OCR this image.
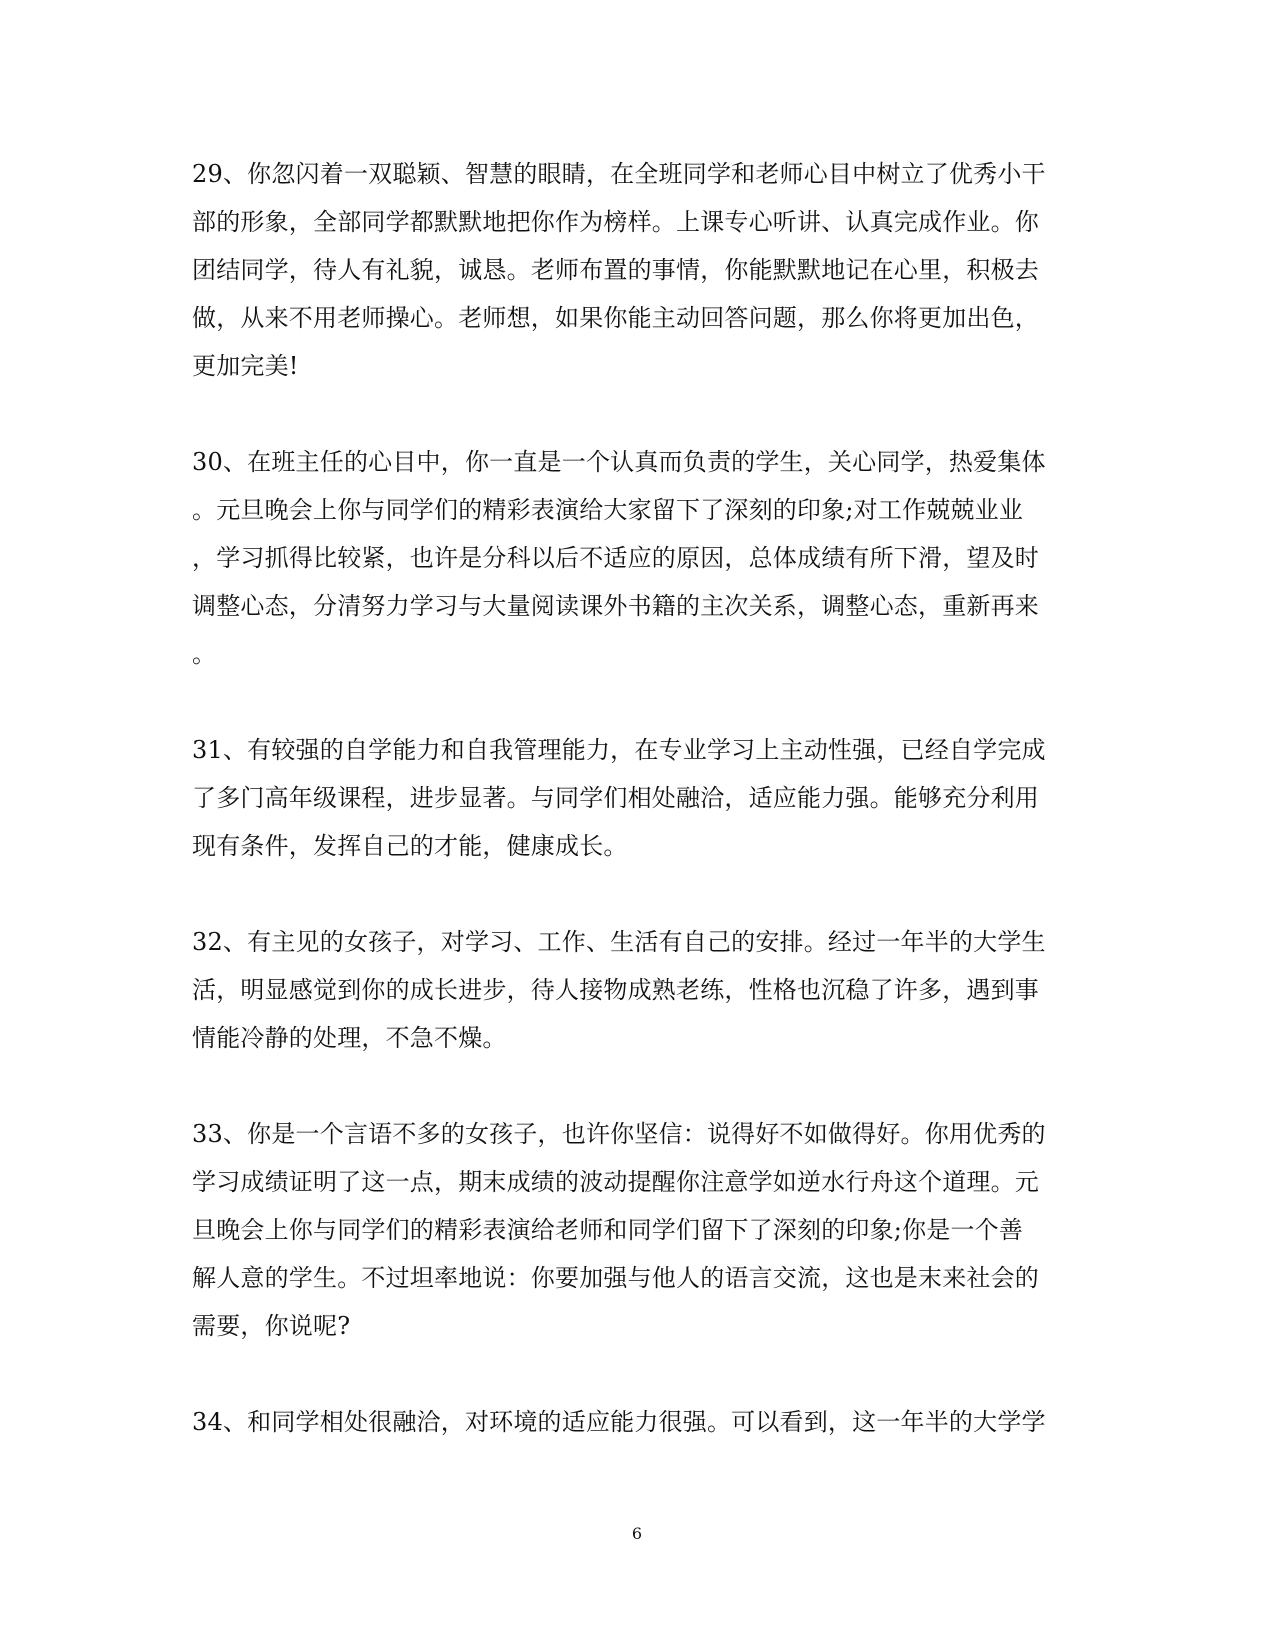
29、你忽闪着一双聪颖、智慧的眼睛，在全班同学和老师心目中树立了优秀小干
部的形象，全部同学都默默地把你作为榜样。上课专心听讲、认真完成作业。你
团结同学，待人有礼貌，诚恳。老师布置的事情，你能默默地记在心里，积极去
做，从来不用老师操心。老师想，如果你能主动回答问题，那么你将更加出色，
更加完美!
30、在班主任的心目中，你一直是一个认真而负责的学生，关心同学，热爱集体
。元旦晚会上你与同学们的精彩表演给大家留下了深刻的印象;对工作兢兢业业
，学习抓得比较紧，也许是分科以后不适应的原因，总体成绩有所下滑，望及时
调整心态，分清努力学习与大量阅读课外书籍的主次关系，调整心态，重新再来
。
31、有较强的自学能力和自我管理能力，在专业学习上主动性强，已经自学完成
了多门高年级课程，进步显著。与同学们相处融洽，适应能力强。能够充分利用
现有条件，发挥自己的才能，健康成长。
32、有主见的女孩子，对学习、工作、生活有自己的安排。经过一年半的大学生
活，明显感觉到你的成长进步，待人接物成熟老练，性格也沉稳了许多，遇到事
情能冷静的处理，不急不燥。
33、你是一个言语不多的女孩子，也许你坚信：说得好不如做得好。你用优秀的
学习成绩证明了这一点，期末成绩的波动提醒你注意学如逆水行舟这个道理。元
旦晚会上你与同学们的精彩表演给老师和同学们留下了深刻的印象;你是一个善
解人意的学生。不过坦率地说：你要加强与他人的语言交流，这也是末来社会的
需要，你说呢?
34、和同学相处很融洽，对环境的适应能力很强。可以看到，这一年半的大学学
6
